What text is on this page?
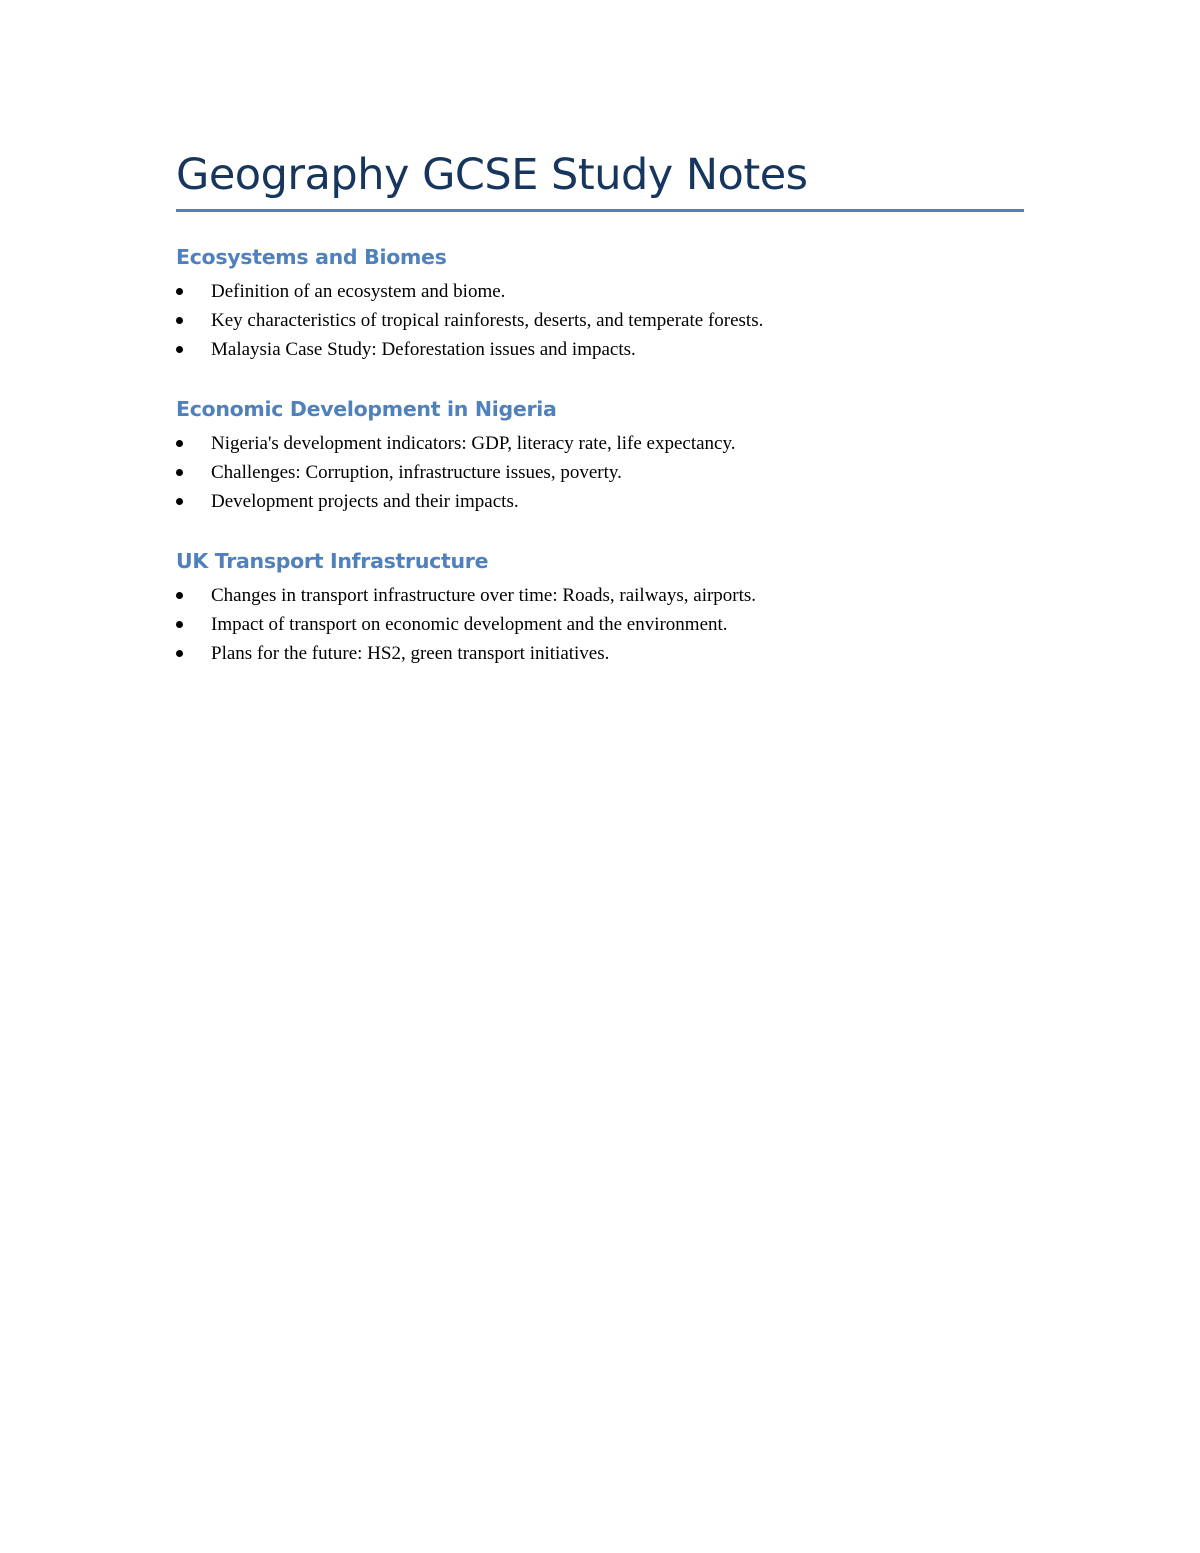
Geography GCSE Study Notes
Ecosystems and Biomes
Definition of an ecosystem and biome.
Key characteristics of tropical rainforests, deserts, and temperate forests.
Malaysia Case Study: Deforestation issues and impacts.
Economic Development in Nigeria
Nigeria's development indicators: GDP, literacy rate, life expectancy.
Challenges: Corruption, infrastructure issues, poverty.
Development projects and their impacts.
UK Transport Infrastructure
Changes in transport infrastructure over time: Roads, railways, airports.
Impact of transport on economic development and the environment.
Plans for the future: HS2, green transport initiatives.
